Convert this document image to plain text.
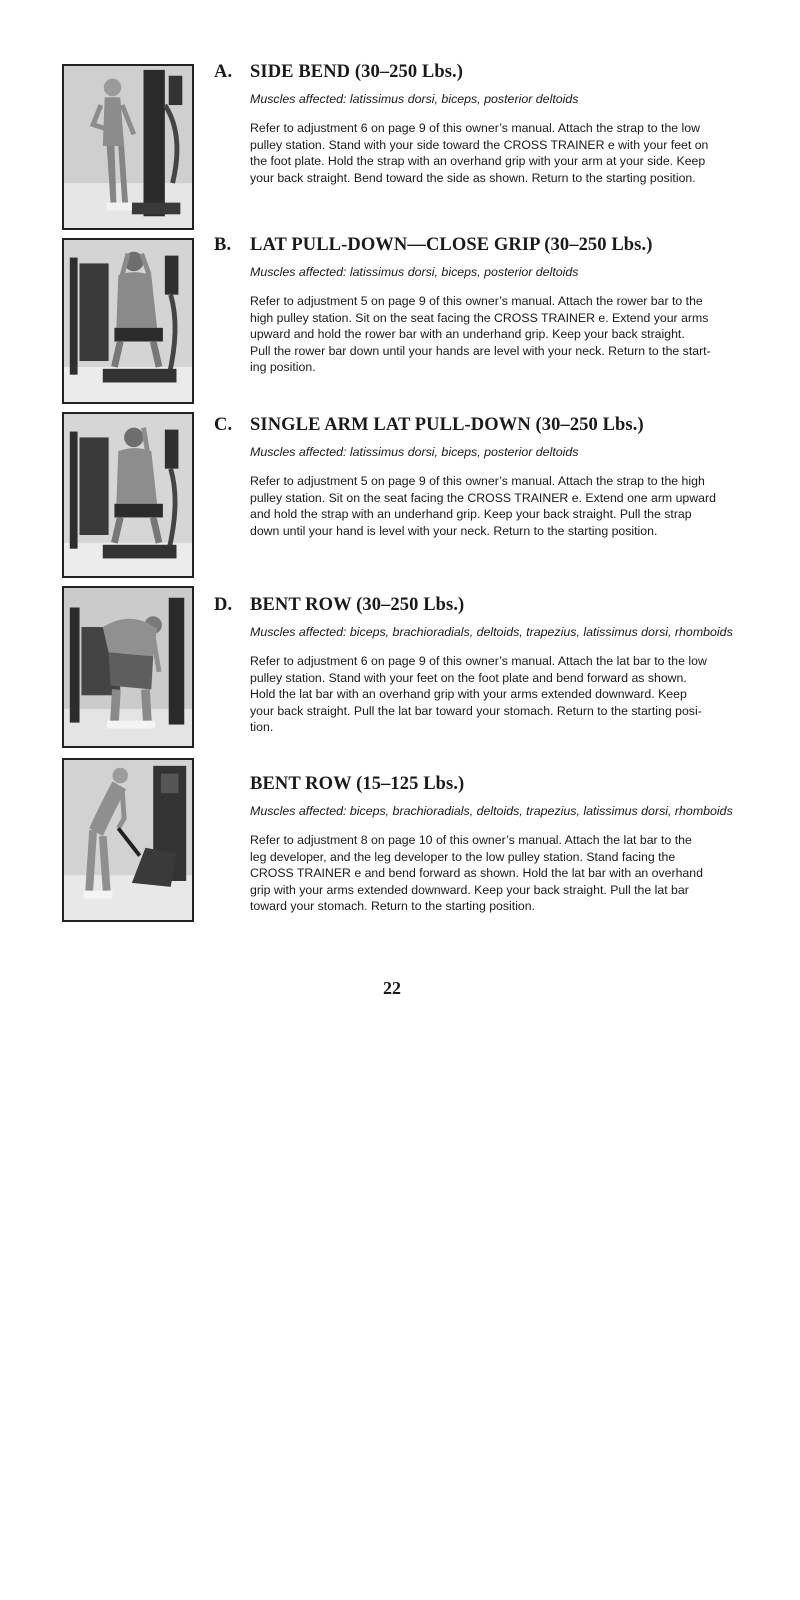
A. SIDE BEND (30–250 Lbs.)

Muscles affected: latissimus dorsi, biceps, posterior deltoids

Refer to adjustment 6 on page 9 of this owner’s manual. Attach the strap to the low
pulley station. Stand with your side toward the CROSS TRAINER e with your feet on
the foot plate. Hold the strap with an overhand grip with your arm at your side. Keep
your back straight. Bend toward the side as shown. Return to the starting position.

B. LAT PULL-DOWN—CLOSE GRIP (30–250 Lbs.)

Muscles affected: latissimus dorsi, biceps, posterior deltoids

Refer to adjustment 5 on page 9 of this owner’s manual. Attach the rower bar to the
high pulley station. Sit on the seat facing the CROSS TRAINER e. Extend your arms
upward and hold the rower bar with an underhand grip. Keep your back straight.
Pull the rower bar down until your hands are level with your neck. Return to the start-
ing position.

C. SINGLE ARM LAT PULL-DOWN (30–250 Lbs.)

Muscles affected: latissimus dorsi, biceps, posterior deltoids

Refer to adjustment 5 on page 9 of this owner’s manual. Attach the strap to the high
pulley station. Sit on the seat facing the CROSS TRAINER e. Extend one arm upward
and hold the strap with an underhand grip. Keep your back straight. Pull the strap
down until your hand is level with your neck. Return to the starting position.

D. BENT ROW (30–250 Lbs.)

Muscles affected: biceps, brachioradials, deltoids, trapezius, latissimus dorsi, rhomboids

Refer to adjustment 6 on page 9 of this owner’s manual. Attach the lat bar to the low
pulley station. Stand with your feet on the foot plate and bend forward as shown.
Hold the lat bar with an overhand grip with your arms extended downward. Keep
your back straight. Pull the lat bar toward your stomach. Return to the starting posi-
tion.

BENT ROW (15–125 Lbs.)

Muscles affected: biceps, brachioradials, deltoids, trapezius, latissimus dorsi, rhomboids

Refer to adjustment 8 on page 10 of this owner’s manual. Attach the lat bar to the
leg developer, and the leg developer to the low pulley station. Stand facing the
CROSS TRAINER e and bend forward as shown. Hold the lat bar with an overhand
grip with your arms extended downward. Keep your back straight. Pull the lat bar
toward your stomach. Return to the starting position.

22
